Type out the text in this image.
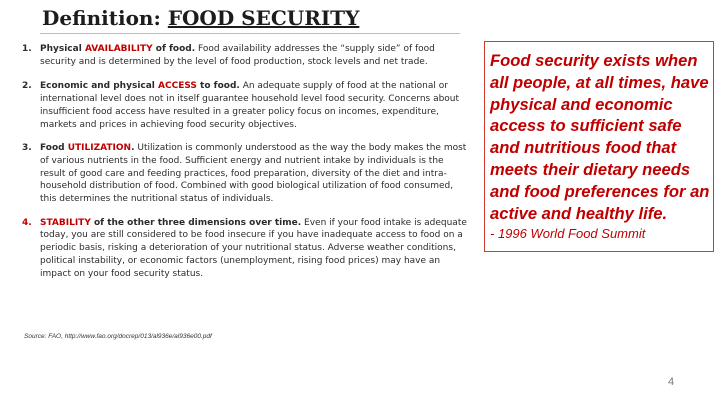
Definition: FOOD SECURITY
1. Physical AVAILABILITY of food. Food availability addresses the “supply side” of food security and is determined by the level of food production, stock levels and net trade.
2. Economic and physical ACCESS to food. An adequate supply of food at the national or international level does not in itself guarantee household level food security. Concerns about insufficient food access have resulted in a greater policy focus on incomes, expenditure, markets and prices in achieving food security objectives.
3. Food UTILIZATION. Utilization is commonly understood as the way the body makes the most of various nutrients in the food. Sufficient energy and nutrient intake by individuals is the result of good care and feeding practices, food preparation, diversity of the diet and intra-household distribution of food. Combined with good biological utilization of food consumed, this determines the nutritional status of individuals.
4. STABILITY of the other three dimensions over time. Even if your food intake is adequate today, you are still considered to be food insecure if you have inadequate access to food on a periodic basis, risking a deterioration of your nutritional status. Adverse weather conditions, political instability, or economic factors (unemployment, rising food prices) may have an impact on your food security status.

Food security exists when all people, at all times, have physical and economic access to sufficient safe and nutritious food that meets their dietary needs and food preferences for an active and healthy life.

- 1996 World Food Summit

Source: FAO, http://www.fao.org/docrep/013/al936e/al936e00.pdf

4
